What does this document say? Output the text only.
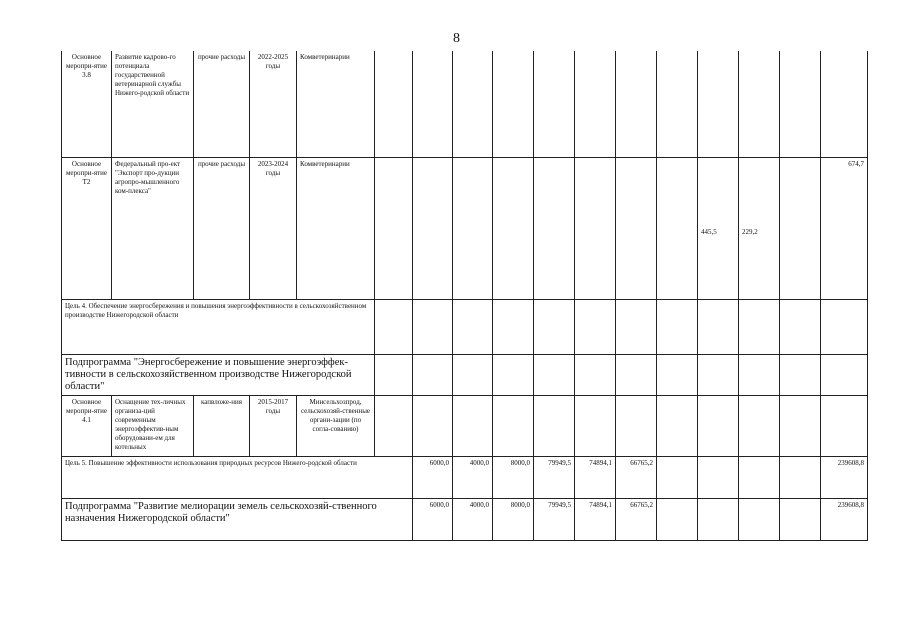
8
Основное меропри-ятие 3.8	Развитие кадрово-го потенциала государственной ветеринарной службы Нижего-родской области	прочие расходы	2022-2025 годы	Комветеринарии												
Основное меропри-ятие Т2	Федеральный про-ект "Экспорт про-дукции агропро-мышленного ком-плекса"	прочие расходы	2023-2024 годы	Комветеринарии									445,5	229,2		674,7
Цель 4. Обеспечение энергосбережения и повышения энергоэффективности в сельскохозяйственном производстве Нижегородской области																
Подпрограмма "Энергосбережение и повышение энергоэффек-тивности в сельскохозяйственном производстве Нижегородской области"																
Основное меропри-ятие 4.1	Оснащение тех-личных организа-ций современным энергоэффектив-ным оборудовани-ем для котельных	капвложе-ния	2015-2017 годы	Минсельхозпрод, сельскохозяй-ственные органи-зации (по согла-сованию)												
Цель 5. Повышение эффективности использования природных ресурсов Нижего-родской области						6000,0	4000,0	8000,0	79949,5	74894,1	66765,2					239608,8
Подпрограмма "Развитие мелиорации земель сельскохозяй-ственного назначения Нижегородской области"						6000,0	4000,0	8000,0	79949,5	74894,1	66765,2					239608,8
